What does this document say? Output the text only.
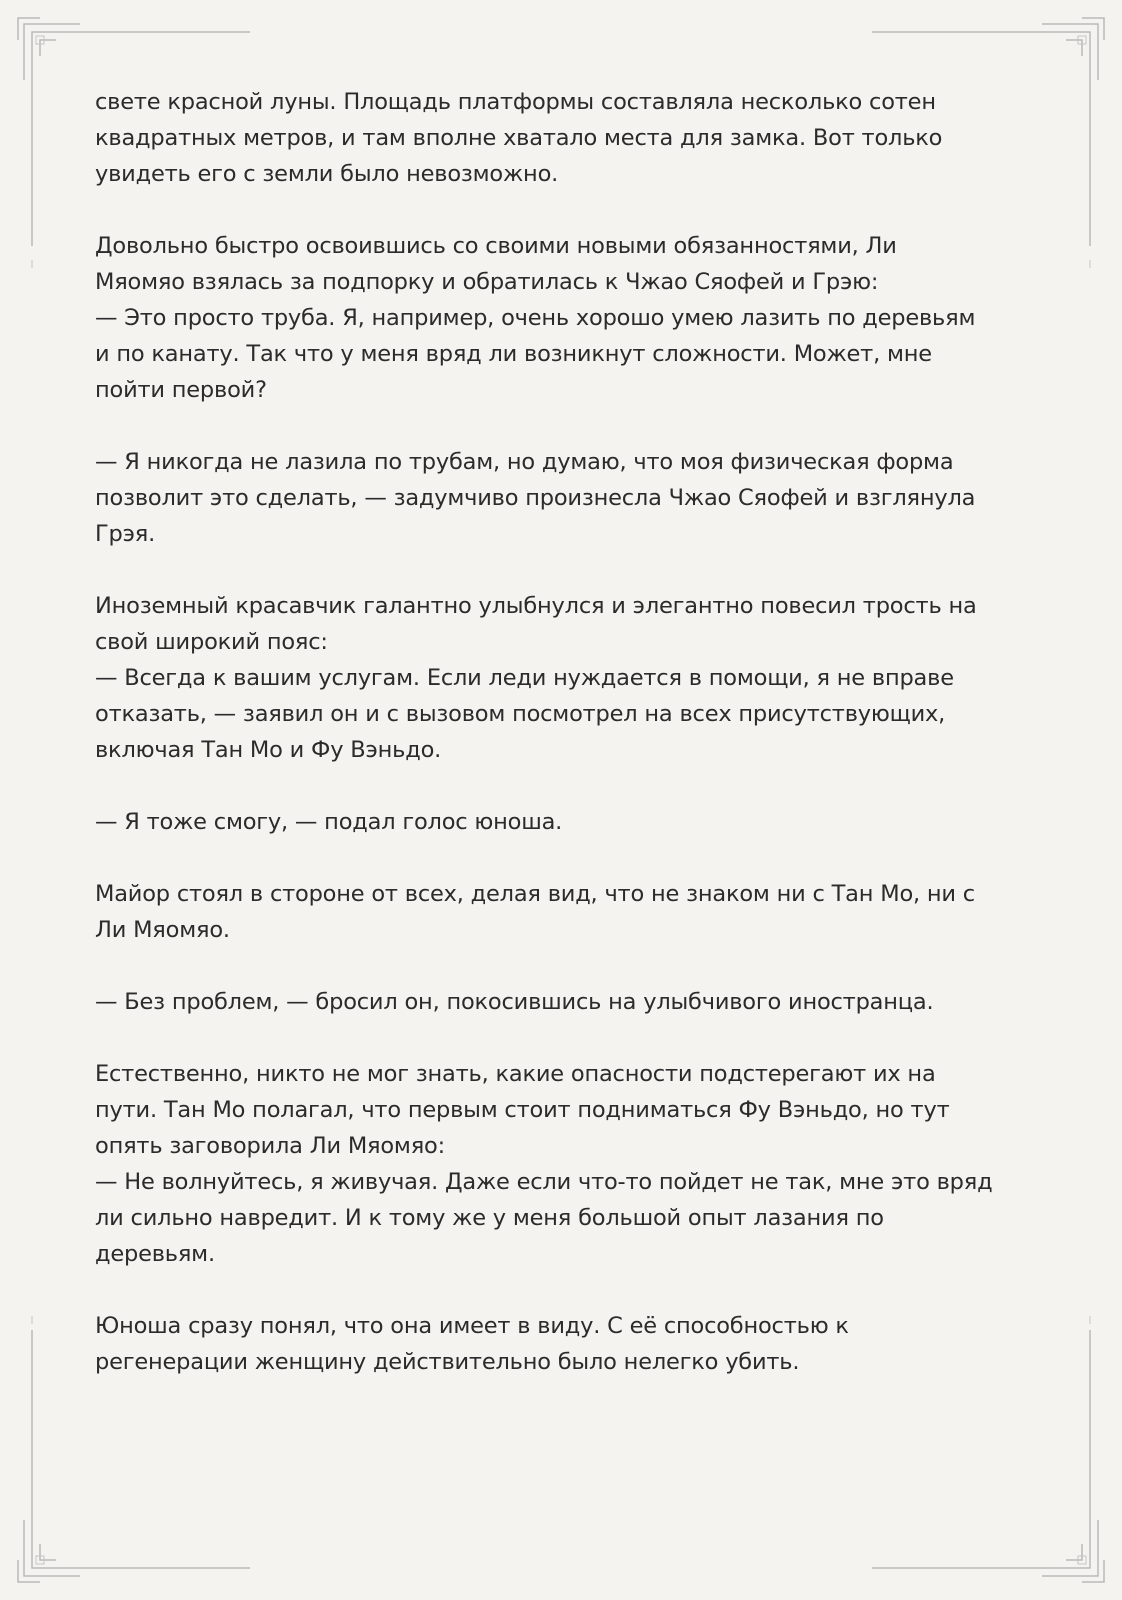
свете красной луны. Площадь платформы составляла несколько сотен
квадратных метров, и там вполне хватало места для замка. Вот только
увидеть его с земли было невозможно.

Довольно быстро освоившись со своими новыми обязанностями, Ли
Мяомяо взялась за подпорку и обратилась к Чжао Сяофей и Грэю:
— Это просто труба. Я, например, очень хорошо умею лазить по деревьям
и по канату. Так что у меня вряд ли возникнут сложности. Может, мне
пойти первой?

— Я никогда не лазила по трубам, но думаю, что моя физическая форма
позволит это сделать, — задумчиво произнесла Чжао Сяофей и взглянула
Грэя.

Иноземный красавчик галантно улыбнулся и элегантно повесил трость на
свой широкий пояс:
— Всегда к вашим услугам. Если леди нуждается в помощи, я не вправе
отказать, — заявил он и с вызовом посмотрел на всех присутствующих,
включая Тан Мо и Фу Вэньдо.

— Я тоже смогу, — подал голос юноша.

Майор стоял в стороне от всех, делая вид, что не знаком ни с Тан Мо, ни с
Ли Мяомяо.

— Без проблем, — бросил он, покосившись на улыбчивого иностранца.

Естественно, никто не мог знать, какие опасности подстерегают их на
пути. Тан Мо полагал, что первым стоит подниматься Фу Вэньдо, но тут
опять заговорила Ли Мяомяо:
— Не волнуйтесь, я живучая. Даже если что-то пойдет не так, мне это вряд
ли сильно навредит. И к тому же у меня большой опыт лазания по
деревьям.

Юноша сразу понял, что она имеет в виду. С её способностью к
регенерации женщину действительно было нелегко убить.
